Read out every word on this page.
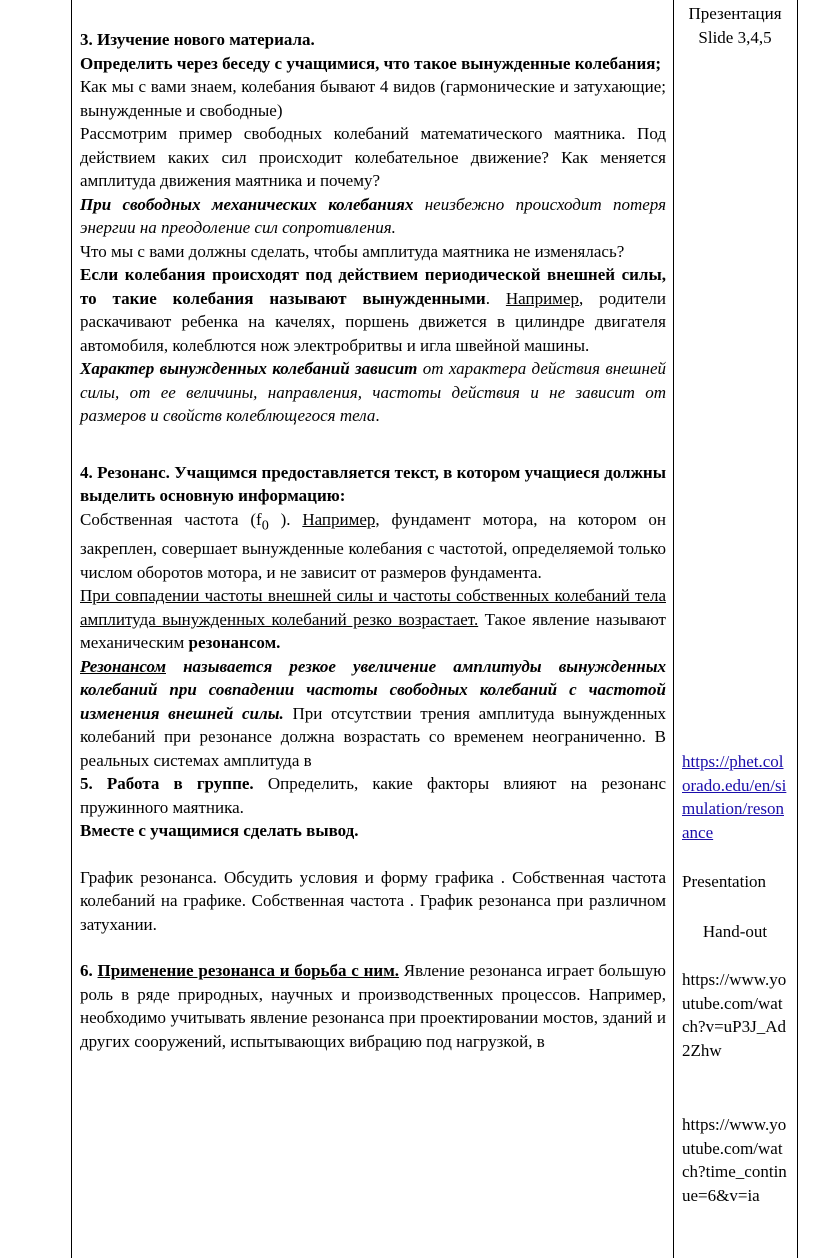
3. Изучение нового материала.

Определить через беседу с учащимися, что такое вынужденные колебания;

Как мы с вами знаем, колебания бывают 4 видов (гармонические и затухающие; вынужденные и свободные)

Рассмотрим пример свободных колебаний математического маятника. Под действием каких сил происходит колебательное движение? Как меняется амплитуда движения маятника и почему?

При свободных механических колебаниях неизбежно происходит потеря энергии на преодоление сил сопротивления.

Что мы с вами должны сделать, чтобы амплитуда маятника не изменялась?

Если колебания происходят под действием периодической внешней силы, то такие колебания называют вынужденными. Например, родители раскачивают ребенка на качелях, поршень движется в цилиндре двигателя автомобиля, колеблются нож электробритвы и игла швейной машины.

Характер вынужденных колебаний зависит от характера действия внешней силы, от ее величины, направления, частоты действия и не зависит от размеров и свойств колеблющегося тела.

4. Резонанс. Учащимся предоставляется текст, в котором учащиеся должны выделить основную информацию:

Собственная частота ($f_0$ ). Например, фундамент мотора, на котором он закреплен, совершает вынужденные колебания с частотой, определяемой только числом оборотов мотора, и не зависит от размеров фундамента.

При совпадении частоты внешней силы и частоты собственных колебаний тела амплитуда вынужденных колебаний резко возрастает. Такое явление называют механическим резонансом.

Резонансом называется резкое увеличение амплитуды вынужденных колебаний при совпадении частоты свободных колебаний с частотой изменения внешней силы. При отсутствии трения амплитуда вынужденных колебаний при резонансе должна возрастать со временем неограниченно. В реальных системах амплитуда в

5. Работа в группе. Определить, какие факторы влияют на резонанс пружинного маятника.

Вместе с учащимися сделать вывод.

График резонанса. Обсудить условия и форму графика . Собственная частота колебаний на графике. Собственная частота . График резонанса при различном затухании.

6. Применение резонанса и борьба с ним. Явление резонанса играет большую роль в ряде природных, научных и производственных процессов. Например, необходимо учитывать явление резонанса при проектировании мостов, зданий и других сооружений, испытывающих вибрацию под нагрузкой, в

Презентация

Slide 3,4,5

https://phet.colorado.edu/en/simulation/resonance

Presentation

Hand-out

https://www.youtube.com/watch?v=uP3J_Ad2Zhw

https://www.youtube.com/watch?time_continue=6&v=ia
